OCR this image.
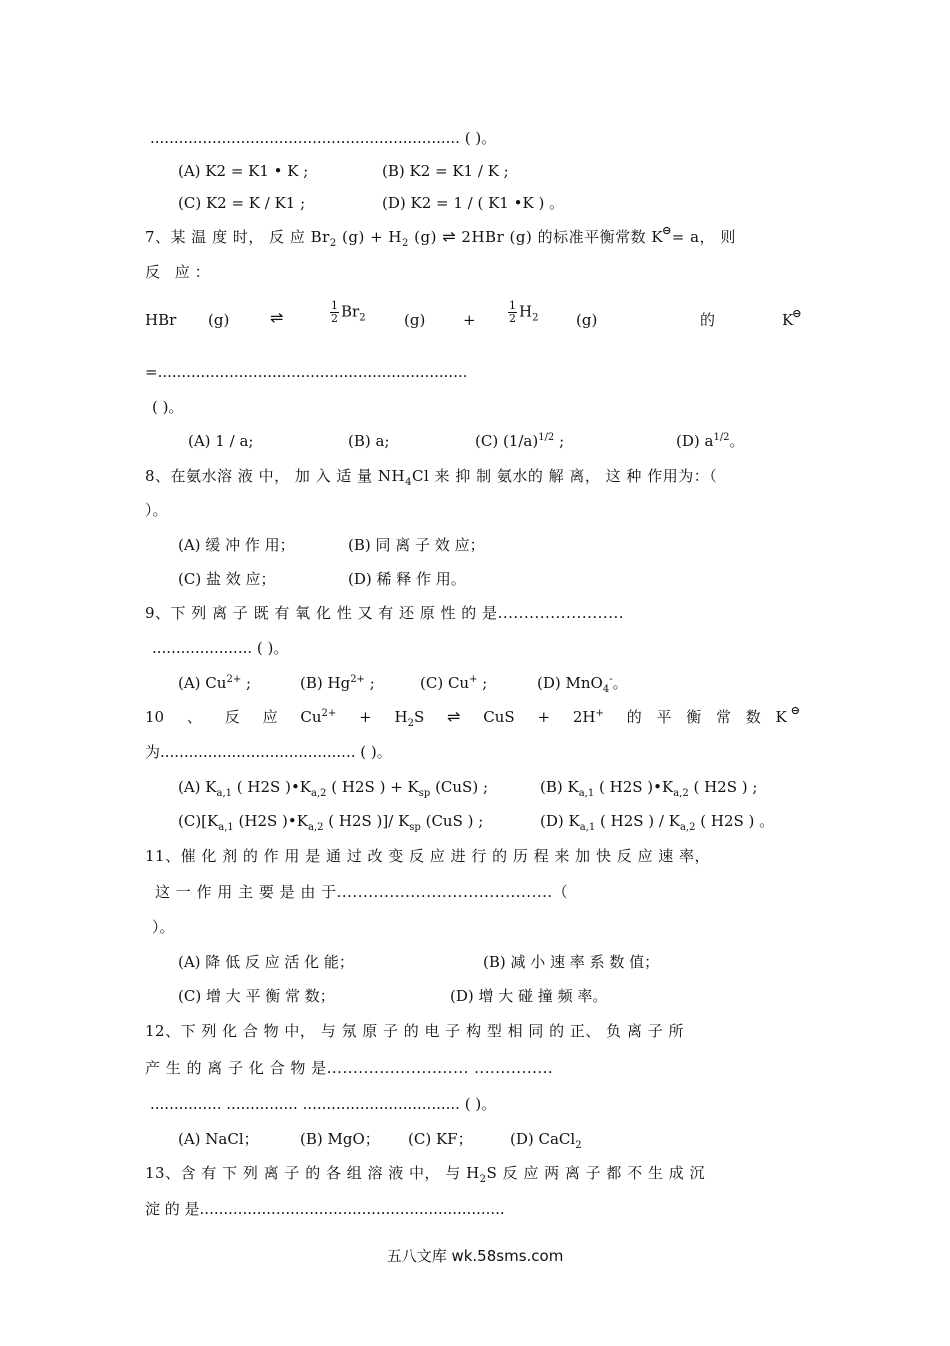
................................................................. ( )。
(A) K2 = K1 • K ;	(B) K2 = K1 / K ;
(C) K2 = K / K1 ;	(D) K2 = 1 / ( K1 •K ) 。
7、某 温 度 时， 反 应 $Br_2$ $(g) + H_2$ (g) ⇌ 2HBr (g) 的标准平衡常数 K⊖= a， 则
反 应：
HBr (g)	⇌	$\frac{1}{2} Br_2$	(g)	+	$\frac{1}{2} H_2$	(g)	的	K⊖
=.................................................................
( )。
(A) 1 / a;	(B) a;	(C) $(1/a)^{1/2}$ ;	(D) $a^{1/2}$。
8、在氨水溶 液 中， 加 入 适 量 $NH_4Cl$ 来 抑 制 氨水的 解 离， 这 种 作用为：（
）。
(A) 缓 冲 作 用；	(B) 同 离 子 效 应；
(C) 盐 效 应；	(D) 稀 释 作 用。
9、下 列 离 子 既 有 氧 化 性 又 有 还 原 性 的 是........................
..................... ( )。
(A) $Cu^{2+}$ ;	(B) $Hg^{2+}$ ;	(C) Cu+ ;	(D) MnO$_4$-。
10 、 反 应 $Cu^{2+} + H_2S$ ⇌ CuS + 2H+ 的 平 衡 常 数 K⊖
为......................................... ( )。
(A) $K_{a,1}$ ( H2S )$•K_{a,2}$ ( H2S ) + $K_{sp}$ (CuS) ;	(B) $K_{a,1}$ ( H2S )$•K_{a,2}$ ( H2S ) ;
$(C)[K_{a,1}$ (H2S )$•K_{a,2}$ ( H2S )]/ $K_{sp}$ (CuS ) ;	(D) $K_{a,1}$ ( H2S ) / $K_{a,2}$ ( H2S ) 。
11、催 化 剂 的 作 用 是 通 过 改 变 反 应 进 行 的 历 程 来 加 快 反 应 速 率，
这 一 作 用 主 要 是 由 于.........................................（
）。
(A) 降 低 反 应 活 化 能；	(B) 减 小 速 率 系 数 值；
(C) 增 大 平 衡 常 数；	(D) 增 大 碰 撞 频 率。
12、下 列 化 合 物 中， 与 氖 原 子 的 电 子 构 型 相 同 的 正、 负 离 子 所
产 生 的 离 子 化 合 物 是........................... ...............
............... ............... ................................. ( )。
(A) NaCl；	(B) MgO； (C) KF； (D) CaCl$_2$
13、含 有 下 列 离 子 的 各 组 溶 液 中， 与 $H_2S$ 反 应 两 离 子 都 不 生 成 沉
淀 的 是................................................................
五八文库 wk.58sms.com
